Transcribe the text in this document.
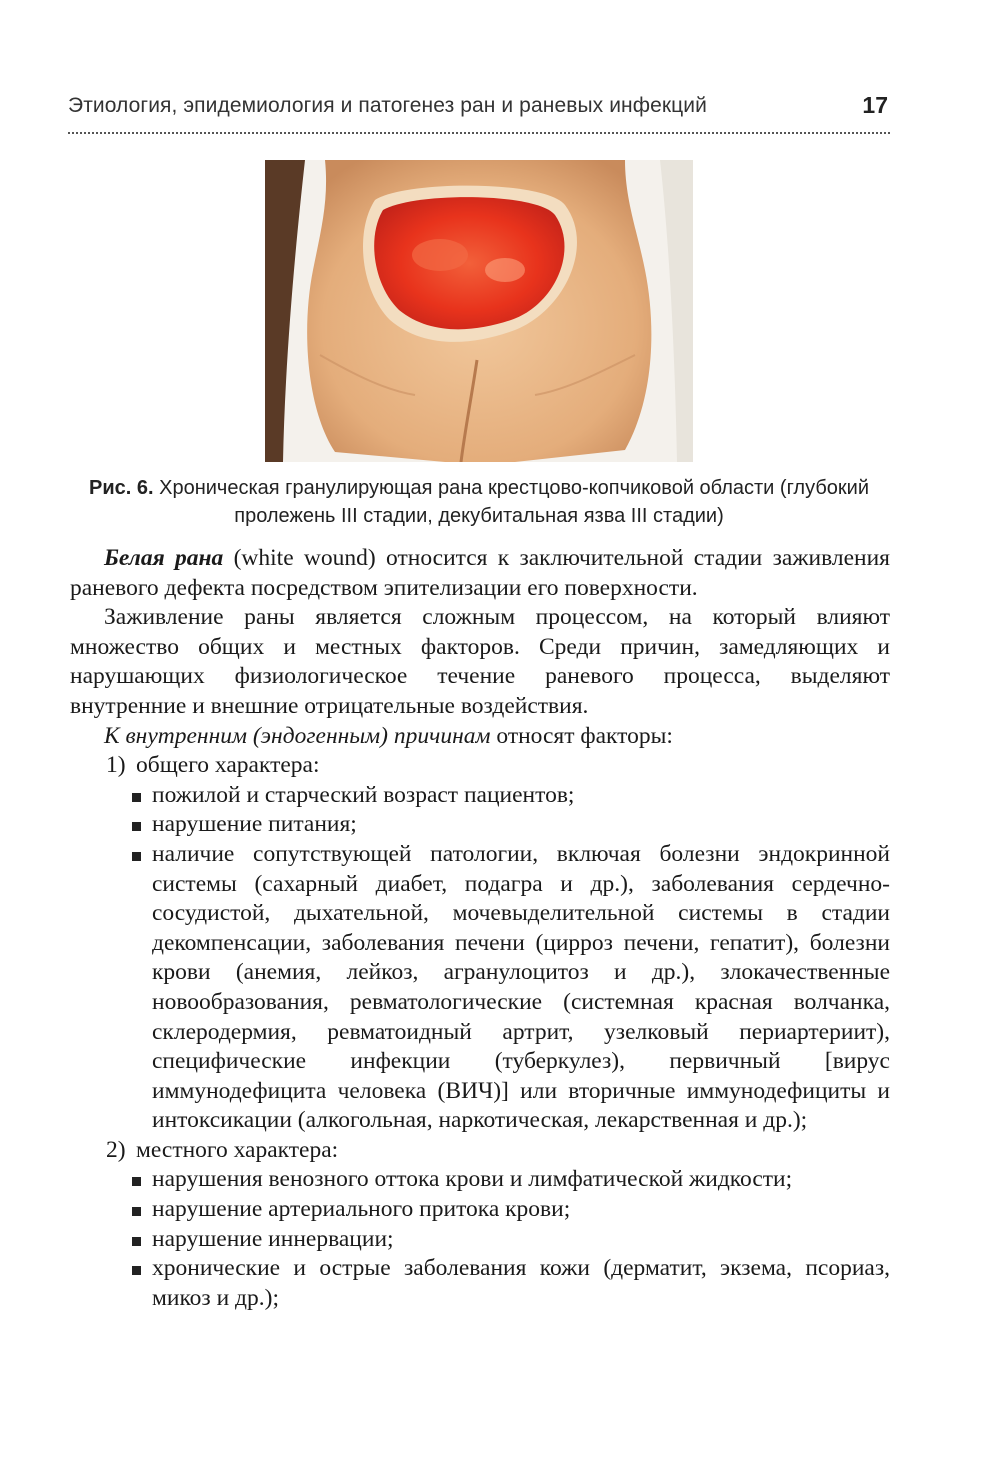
Этиология, эпидемиология и патогенез ран и раневых инфекций	17
Рис. 6. Хроническая гранулирующая рана крестцово-копчиковой области (глубокий пролежень III стадии, декубитальная язва III стадии)

Белая рана (white wound) относится к заключительной стадии заживления раневого дефекта посредством эпителизации его поверхности.

Заживление раны является сложным процессом, на который влияют множество общих и местных факторов. Среди причин, замедляющих и нарушающих физиологическое течение раневого процесса, выделяют внутренние и внешние отрицательные воздействия.

К внутренним (эндогенным) причинам относят факторы:

1) общего характера:

пожилой и старческий возраст пациентов;

нарушение питания;

наличие сопутствующей патологии, включая болезни эндокринной системы (сахарный диабет, подагра и др.), заболевания сердечно-сосудистой, дыхательной, мочевыделительной системы в стадии декомпенсации, заболевания печени (цирроз печени, гепатит), болезни крови (анемия, лейкоз, агранулоцитоз и др.), злокачественные новообразования, ревматологические (системная красная волчанка, склеродермия, ревматоидный артрит, узелковый периартериит), специфические инфекции (туберкулез), первичный [вирус иммунодефицита человека (ВИЧ)] или вторичные иммунодефициты и интоксикации (алкогольная, наркотическая, лекарственная и др.);

2) местного характера:

нарушения венозного оттока крови и лимфатической жидкости;

нарушение артериального притока крови;

нарушение иннервации;

хронические и острые заболевания кожи (дерматит, экзема, псориаз, микоз и др.);
